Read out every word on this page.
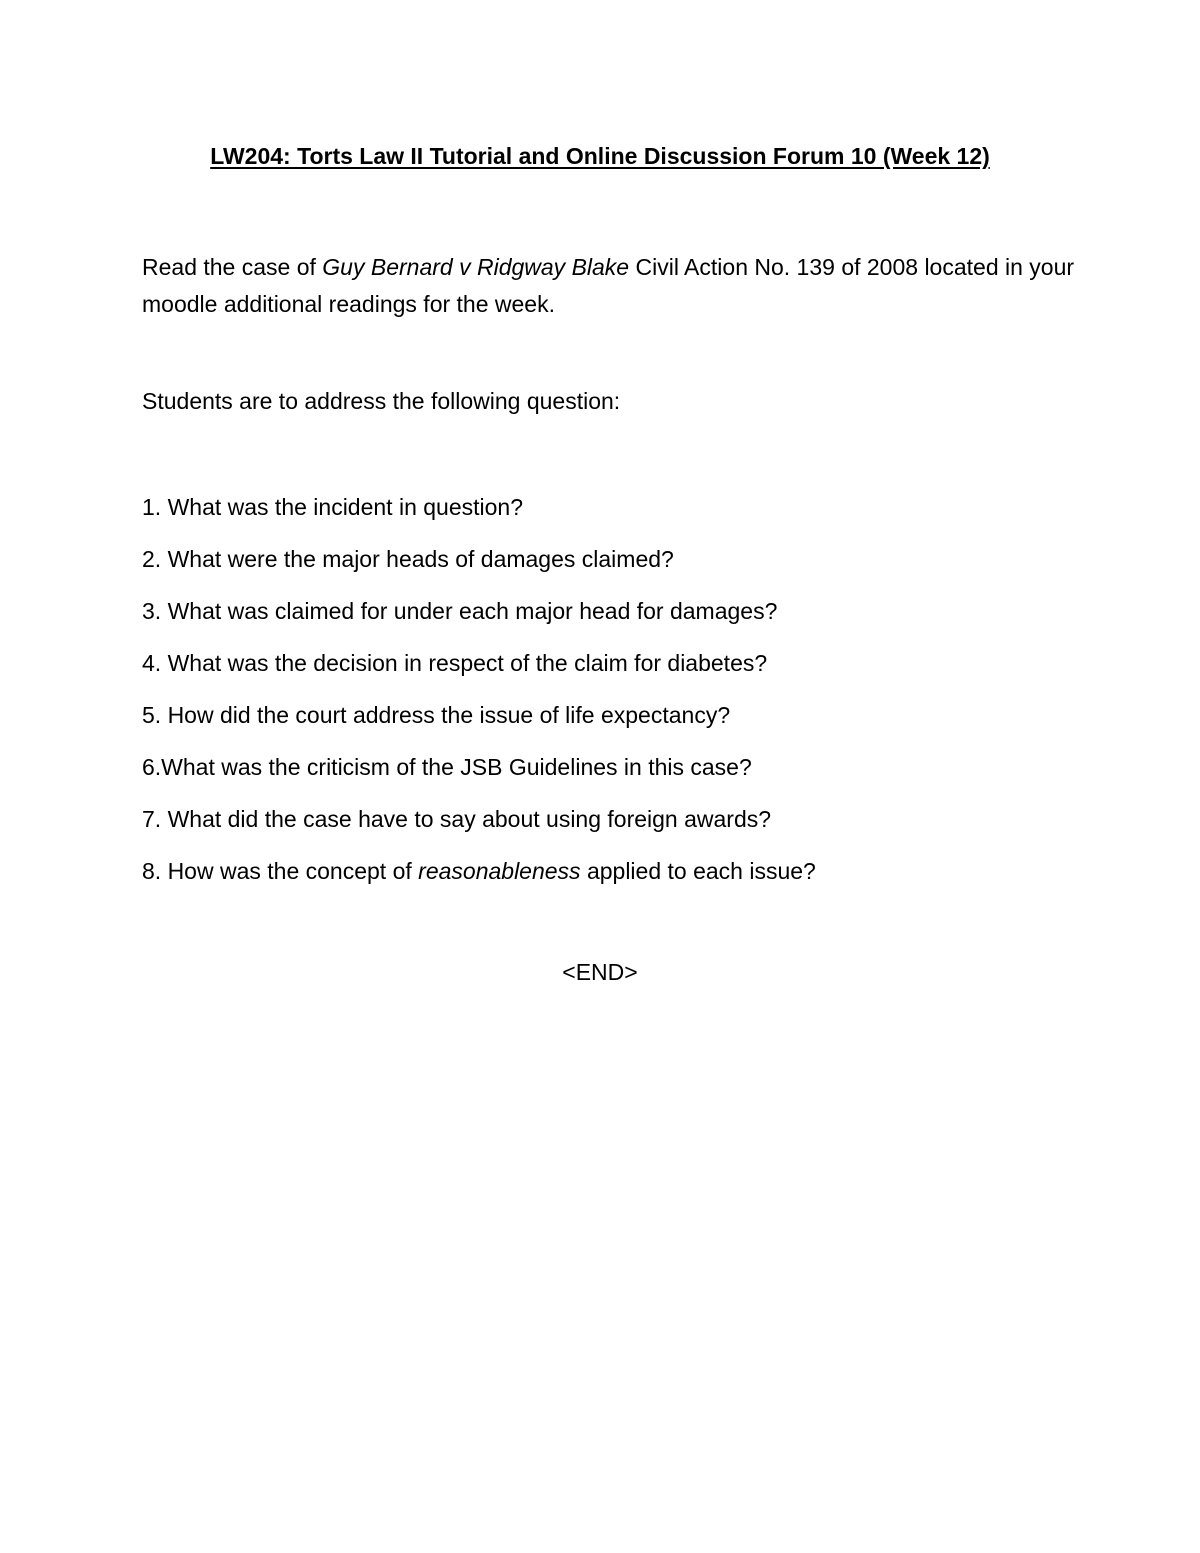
LW204: Torts Law II Tutorial and Online Discussion Forum 10 (Week 12)

Read the case of Guy Bernard v Ridgway Blake Civil Action No. 139 of 2008 located in your moodle additional readings for the week.

Students are to address the following question:
1. What was the incident in question?
2. What were the major heads of damages claimed?
3. What was claimed for under each major head for damages?
4. What was the decision in respect of the claim for diabetes?
5. How did the court address the issue of life expectancy?
6.What was the criticism of the JSB Guidelines in this case?
7. What did the case have to say about using foreign awards?
8. How was the concept of reasonableness applied to each issue?
<END>
